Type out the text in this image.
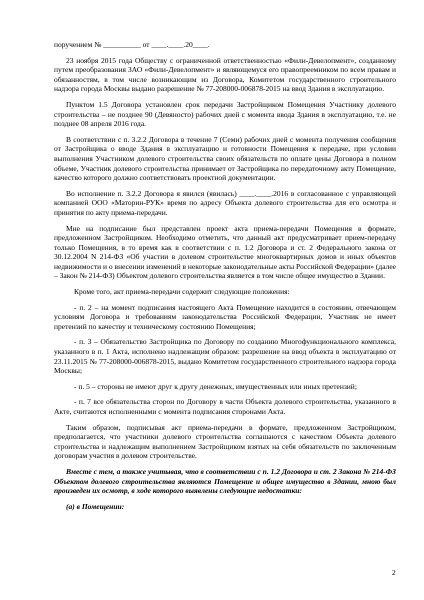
поручением № __________ от ____.____.20____.

23 ноября 2015 года Обществу с ограниченной ответственностью «Фили-Девелопмент», созданному путем преобразования ЗАО «Фили-Девелопмент» и являющемуся его правопреемником по всем правам и обязанностям, в том числе возникающим из Договора, Комитетом государственного строительного надзора города Москвы выдано разрешение № 77-208000-006878-2015 на ввод Здания в эксплуатацию.

Пунктом 1.5 Договора установлен срок передачи Застройщиком Помещения Участнику долевого строительства – не позднее 90 (Девяносто) рабочих дней с момента ввода Здания в эксплуатацию, т.е. не позднее 08 апреля 2016 года.

В соответствии с п. 3.2.2 Договора в течение 7 (Семи) рабочих дней с момента получения сообщения от Застройщика о вводе Здания в эксплуатацию и готовности Помещения к передаче, при условии выполнения Участником долевого строительства своих обязательств по оплате цены Договора в полном объеме, Участник долевого строительства принимает от Застройщика по передаточному акту Помещение, качество которого должно соответствовать проектной документации.

Во исполнение п. 3.2.2 Договора я явился (явилась) ____.____.2016 в согласованное с управляющей компанией ООО «Маторин-РУК» время по адресу Объекта долевого строительства для его осмотра и принятия по акту приема-передачи.

Мне на подписание был представлен проект акта приема-передачи Помещения в формате, предложенном Застройщиком. Необходимо отметить, что данный акт предусматривает прием-передачу только Помещения, в то время как в соответствии с п. 1.2 Договора и ст. 2 Федерального закона от 30.12.2004 N 214-ФЗ «Об участии в долевом строительстве многоквартирных домов и иных объектов недвижимости и о внесении изменений в некоторые законодательные акты Российской Федерации» (далее – Закон № 214-ФЗ) Объектом долевого строительства является в том числе общее имущество в Здании.

Кроме того, акт приема-передачи содержит следующие положения:

- п. 2 – на момент подписания настоящего Акта Помещение находится в состоянии, отвечающем условиям Договора и требованиям законодательства Российской Федерации, Участник не имеет претензий по качеству и техническому состоянию Помещения;

- п. 3 – Обязательство Застройщика по Договору по созданию Многофункционального комплекса, указанного в п. 1 Акта, исполнено надлежащим образом: разрешение на ввод объекта в эксплуатацию от 23.11.2015 № 77-208000-006878-2015, выдано Комитетом государственного строительного надзора города Москвы;

- п. 5 – стороны не имеют друг к другу денежных, имущественных или иных претензий;

- п. 7 все обязательства сторон по Договору в части Объекта долевого строительства, указанного в Акте, считаются исполненными с момента подписания сторонами Акта.

Таким образом, подписывая акт приема-передачи в формате, предложенном Застройщиком, предполагается, что участники долевого строительства соглашаются с качеством Объекта долевого строительства и надлежащим выполнением Застройщиком взятых на себя обязательств по заключенным договорам участия в долевом строительстве.

Вместе с тем, а также учитывая, что в соответствии с п. 1.2 Договора и ст. 2 Закона № 214-ФЗ Объектом долевого строительства являются Помещение и общее имущество в Здании, мною был произведен их осмотр, в ходе которого выявлены следующие недостатки:

(а) в Помещении:

2
